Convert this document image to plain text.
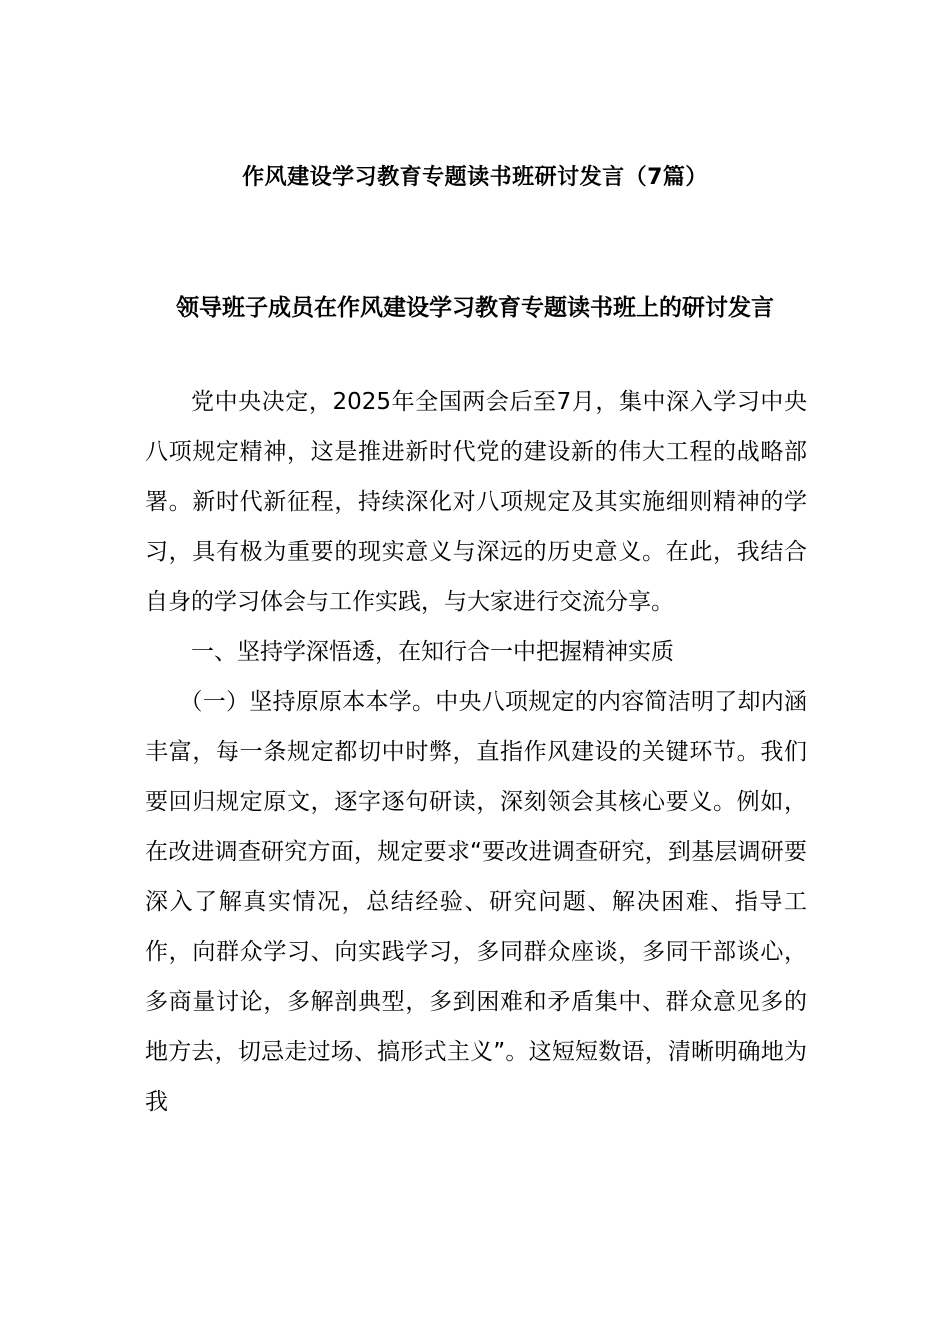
作风建设学习教育专题读书班研讨发言（7篇）
领导班子成员在作风建设学习教育专题读书班上的研讨发言

党中央决定，2025年全国两会后至7月，集中深入学习中央八项规定精神，这是推进新时代党的建设新的伟大工程的战略部署。新时代新征程，持续深化对八项规定及其实施细则精神的学习，具有极为重要的现实意义与深远的历史意义。在此，我结合自身的学习体会与工作实践，与大家进行交流分享。

一、坚持学深悟透，在知行合一中把握精神实质

（一）坚持原原本本学。中央八项规定的内容简洁明了却内涵丰富，每一条规定都切中时弊，直指作风建设的关键环节。我们要回归规定原文，逐字逐句研读，深刻领会其核心要义。例如，在改进调查研究方面，规定要求“要改进调查研究，到基层调研要深入了解真实情况，总结经验、研究问题、解决困难、指导工作，向群众学习、向实践学习，多同群众座谈，多同干部谈心，多商量讨论，多解剖典型，多到困难和矛盾集中、群众意见多的地方去，切忌走过场、搞形式主义”。这短短数语，清晰明确地为我
